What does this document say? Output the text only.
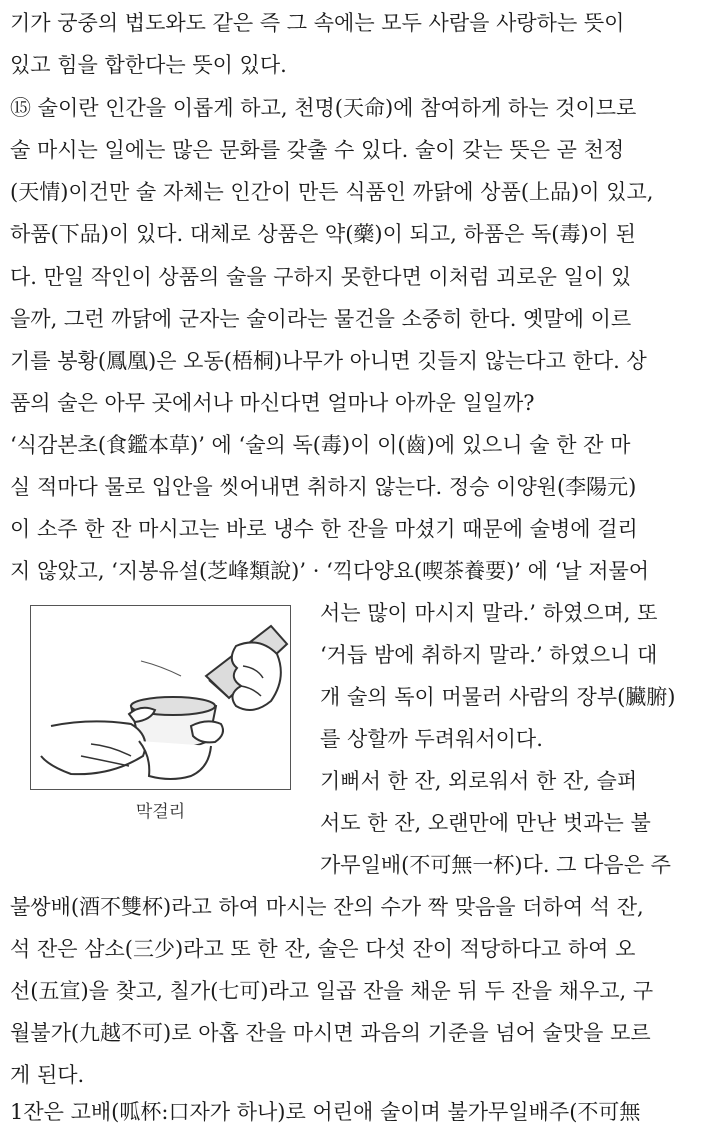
기가 궁중의 법도와도 같은 즉 그 속에는 모두 사람을 사랑하는 뜻이
있고 힘을 합한다는 뜻이 있다.
⑮ 술이란 인간을 이롭게 하고, 천명(天命)에 참여하게 하는 것이므로
술 마시는 일에는 많은 문화를 갖출 수 있다. 술이 갖는 뜻은 곧 천정
(天情)이건만 술 자체는 인간이 만든 식품인 까닭에 상품(上品)이 있고,
하품(下品)이 있다. 대체로 상품은 약(藥)이 되고, 하품은 독(毒)이 된
다. 만일 작인이 상품의 술을 구하지 못한다면 이처럼 괴로운 일이 있
을까, 그런 까닭에 군자는 술이라는 물건을 소중히 한다. 옛말에 이르
기를 봉황(鳳凰)은 오동(梧桐)나무가 아니면 깃들지 않는다고 한다. 상
품의 술은 아무 곳에서나 마신다면 얼마나 아까운 일일까?
‘식감본초(食鑑本草)’ 에 ‘술의 독(毒)이 이(齒)에 있으니 술 한 잔 마
실 적마다 물로 입안을 씻어내면 취하지 않는다. 정승 이양원(李陽元)
이 소주 한 잔 마시고는 바로 냉수 한 잔을 마셨기 때문에 술병에 걸리
지 않았고, ‘지봉유설(芝峰類說)’ · ‘끽다양요(喫茶養要)’ 에 ‘날 저물어
막걸리
서는 많이 마시지 말라.’ 하였으며, 또
‘거듭 밤에 취하지 말라.’ 하였으니 대
개 술의 독이 머물러 사람의 장부(臟腑)
를 상할까 두려워서이다.
기뻐서 한 잔, 외로워서 한 잔, 슬퍼
서도 한 잔, 오랜만에 만난 벗과는 불
가무일배(不可無一杯)다. 그 다음은 주
불쌍배(酒不雙杯)라고 하여 마시는 잔의 수가 짝 맞음을 더하여 석 잔,
석 잔은 삼소(三少)라고 또 한 잔, 술은 다섯 잔이 적당하다고 하여 오
선(五宣)을 찾고, 칠가(七可)라고 일곱 잔을 채운 뒤 두 잔을 채우고, 구
월불가(九越不可)로 아홉 잔을 마시면 과음의 기준을 넘어 술맛을 모르
게 된다.
1잔은 고배(呱杯:口자가 하나)로 어린애 술이며 불가무일배주(不可無
